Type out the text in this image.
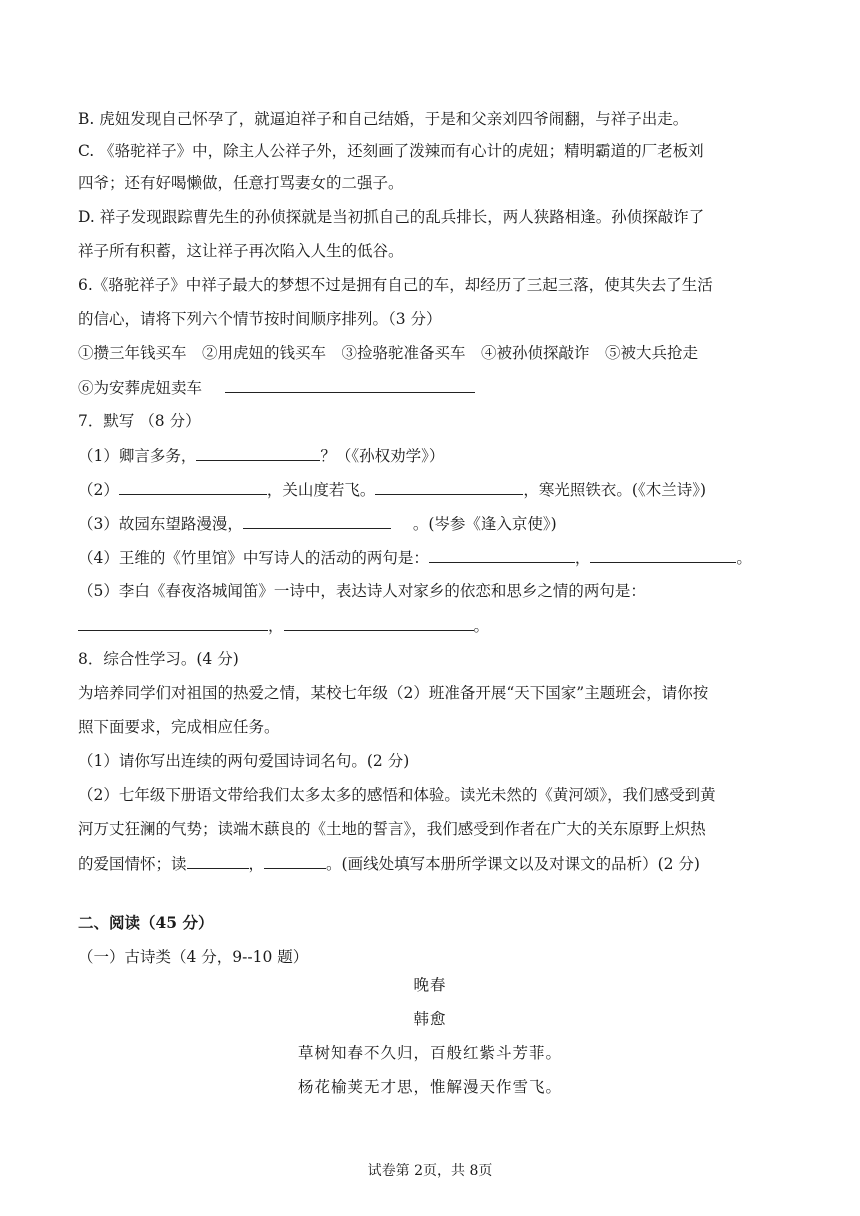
B. 虎妞发现自己怀孕了，就逼迫祥子和自己结婚，于是和父亲刘四爷闹翻，与祥子出走。
C. 《骆驼祥子》中，除主人公祥子外，还刻画了泼辣而有心计的虎妞；精明霸道的厂老板刘
四爷；还有好喝懒做，任意打骂妻女的二强子。
D. 祥子发现跟踪曹先生的孙侦探就是当初抓自己的乱兵排长，两人狭路相逢。孙侦探敲诈了
祥子所有积蓄，这让祥子再次陷入人生的低谷。
6.《骆驼祥子》中祥子最大的梦想不过是拥有自己的车，却经历了三起三落，使其失去了生活
的信心，请将下列六个情节按时间顺序排列。（3 分）
①攒三年钱买车　②用虎妞的钱买车　③捡骆驼准备买车　④被孙侦探敲诈　⑤被大兵抢走
⑥为安葬虎妞卖车
7．默写 （8 分）
（1）卿言多务，	？（《孙权劝学》）
（2）	，关山度若飞。	，寒光照铁衣。(《木兰诗》)
（3）故园东望路漫漫，	。(岑参《逢入京使》)
（4）王维的《竹里馆》中写诗人的活动的两句是：	，	。
（5）李白《春夜洛城闻笛》一诗中，表达诗人对家乡的依恋和思乡之情的两句是：
，	。
8．综合性学习。(4 分)
为培养同学们对祖国的热爱之情，某校七年级（2）班准备开展“天下国家”主题班会，请你按
照下面要求，完成相应任务。
（1）请你写出连续的两句爱国诗词名句。(2 分)
（2）七年级下册语文带给我们太多太多的感悟和体验。读光未然的《黄河颂》，我们感受到黄
河万丈狂澜的气势；读端木蕻良的《土地的誓言》，我们感受到作者在广大的关东原野上炽热
的爱国情怀；读	，	。(画线处填写本册所学课文以及对课文的品析）(2 分)
二、阅读（45 分）
（一）古诗类（4 分，9--10 题）
晚春
韩愈
草树知春不久归，百般红紫斗芳菲。
杨花榆荚无才思，惟解漫天作雪飞。
试卷第 2页，共 8页
